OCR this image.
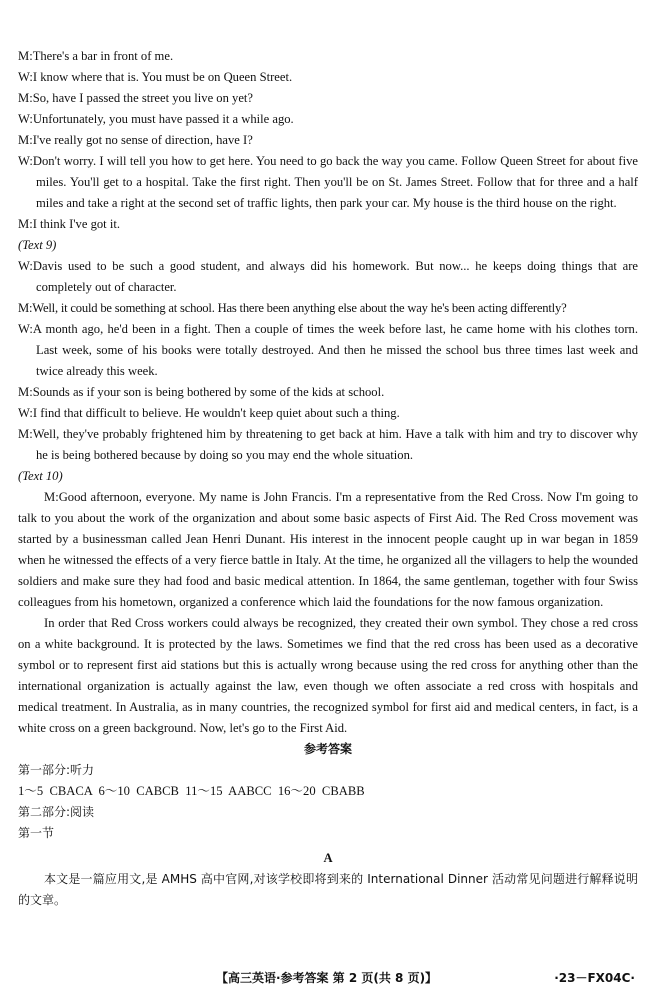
M:There's a bar in front of me.

W:I know where that is. You must be on Queen Street.

M:So, have I passed the street you live on yet?

W:Unfortunately, you must have passed it a while ago.

M:I've really got no sense of direction, have I?

W:Don't worry. I will tell you how to get here. You need to go back the way you came. Follow Queen Street for about five miles. You'll get to a hospital. Take the first right. Then you'll be on St. James Street. Follow that for three and a half miles and take a right at the second set of traffic lights, then park your car. My house is the third house on the right.

M:I think I've got it.

(Text 9)

W:Davis used to be such a good student, and always did his homework. But now... he keeps doing things that are completely out of character.

M:Well, it could be something at school. Has there been anything else about the way he's been acting differently?

W:A month ago, he'd been in a fight. Then a couple of times the week before last, he came home with his clothes torn. Last week, some of his books were totally destroyed. And then he missed the school bus three times last week and twice already this week.

M:Sounds as if your son is being bothered by some of the kids at school.

W:I find that difficult to believe. He wouldn't keep quiet about such a thing.

M:Well, they've probably frightened him by threatening to get back at him. Have a talk with him and try to discover why he is being bothered because by doing so you may end the whole situation.

(Text 10)

M:Good afternoon, everyone. My name is John Francis. I'm a representative from the Red Cross. Now I'm going to talk to you about the work of the organization and about some basic aspects of First Aid. The Red Cross movement was started by a businessman called Jean Henri Dunant. His interest in the innocent people caught up in war began in 1859 when he witnessed the effects of a very fierce battle in Italy. At the time, he organized all the villagers to help the wounded soldiers and make sure they had food and basic medical attention. In 1864, the same gentleman, together with four Swiss colleagues from his hometown, organized a conference which laid the foundations for the now famous organization.

In order that Red Cross workers could always be recognized, they created their own symbol. They chose a red cross on a white background. It is protected by the laws. Sometimes we find that the red cross has been used as a decorative symbol or to represent first aid stations but this is actually wrong because using the red cross for anything other than the international organization is actually against the law, even though we often associate a red cross with hospitals and medical treatment. In Australia, as in many countries, the recognized symbol for first aid and medical centers, in fact, is a white cross on a green background. Now, let's go to the First Aid.

参考答案

第一部分:听力

1～5  CBACA  6～10  CABCB  11～15  AABCC  16～20  CBABB

第二部分:阅读

第一节

A

本文是一篇应用文,是 AMHS 高中官网,对该学校即将到来的 International Dinner 活动常见问题进行解释说明的文章。

【高三英语·参考答案 第 2 页(共 8 页)】	·23－FX04C·
